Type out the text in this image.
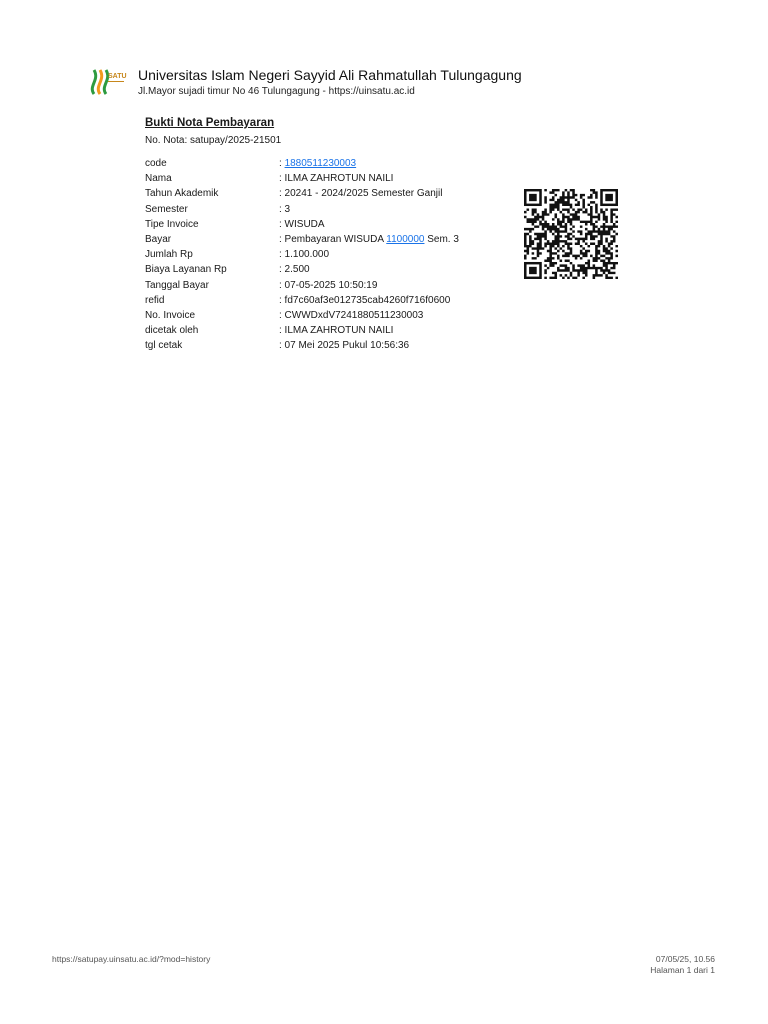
SATU Universitas Islam Negeri Sayyid Ali Rahmatullah Tulungagung
Jl.Mayor sujadi timur No 46 Tulungagung - https://uinsatu.ac.id
Bukti Nota Pembayaran
No. Nota: satupay/2025-21501
code	: 1880511230003
Nama	: ILMA ZAHROTUN NAILI
Tahun Akademik	: 20241 - 2024/2025 Semester Ganjil
Semester	: 3
Tipe Invoice	: WISUDA
Bayar	: Pembayaran WISUDA 1100000 Sem. 3
Jumlah Rp	: 1.100.000
Biaya Layanan Rp	: 2.500
Tanggal Bayar	: 07-05-2025 10:50:19
refid	: fd7c60af3e012735cab4260f716f0600
No. Invoice	: CWWDxdV7241880511230003
dicetak oleh	: ILMA ZAHROTUN NAILI
tgl cetak	: 07 Mei 2025 Pukul 10:56:36
https://satupay.uinsatu.ac.id/?mod=history	07/05/25, 10.56
Halaman 1 dari 1
